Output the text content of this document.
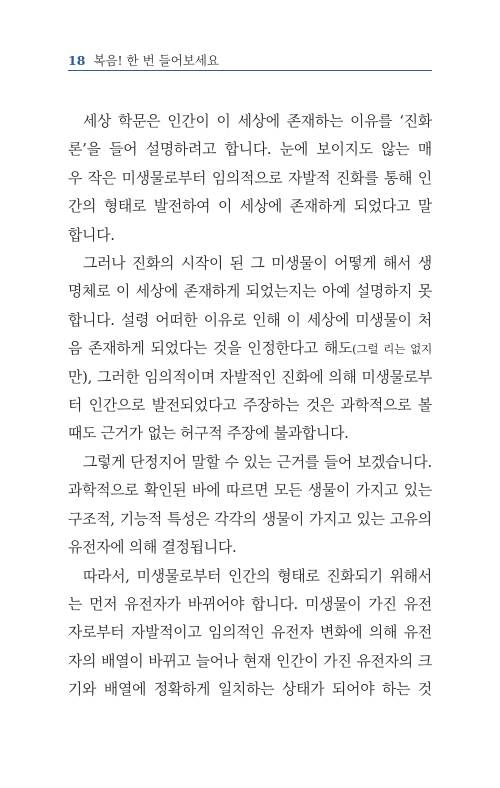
18 복음! 한 번 들어보세요
세상 학문은 인간이 이 세상에 존재하는 이유를 ‘진화
론’을 들어 설명하려고 합니다. 눈에 보이지도 않는 매
우 작은 미생물로부터 임의적으로 자발적 진화를 통해 인
간의 형태로 발전하여 이 세상에 존재하게 되었다고 말
합니다.
그러나 진화의 시작이 된 그 미생물이 어떻게 해서 생
명체로 이 세상에 존재하게 되었는지는 아예 설명하지 못
합니다. 설령 어떠한 이유로 인해 이 세상에 미생물이 처
음 존재하게 되었다는 것을 인정한다고 해도(그럴 리는 없지
만), 그러한 임의적이며 자발적인 진화에 의해 미생물로부
터 인간으로 발전되었다고 주장하는 것은 과학적으로 볼
때도 근거가 없는 허구적 주장에 불과합니다.
그렇게 단정지어 말할 수 있는 근거를 들어 보겠습니다.
과학적으로 확인된 바에 따르면 모든 생물이 가지고 있는
구조적, 기능적 특성은 각각의 생물이 가지고 있는 고유의
유전자에 의해 결정됩니다.
따라서, 미생물로부터 인간의 형태로 진화되기 위해서
는 먼저 유전자가 바뀌어야 합니다. 미생물이 가진 유전
자로부터 자발적이고 임의적인 유전자 변화에 의해 유전
자의 배열이 바뀌고 늘어나 현재 인간이 가진 유전자의 크
기와 배열에 정확하게 일치하는 상태가 되어야 하는 것
